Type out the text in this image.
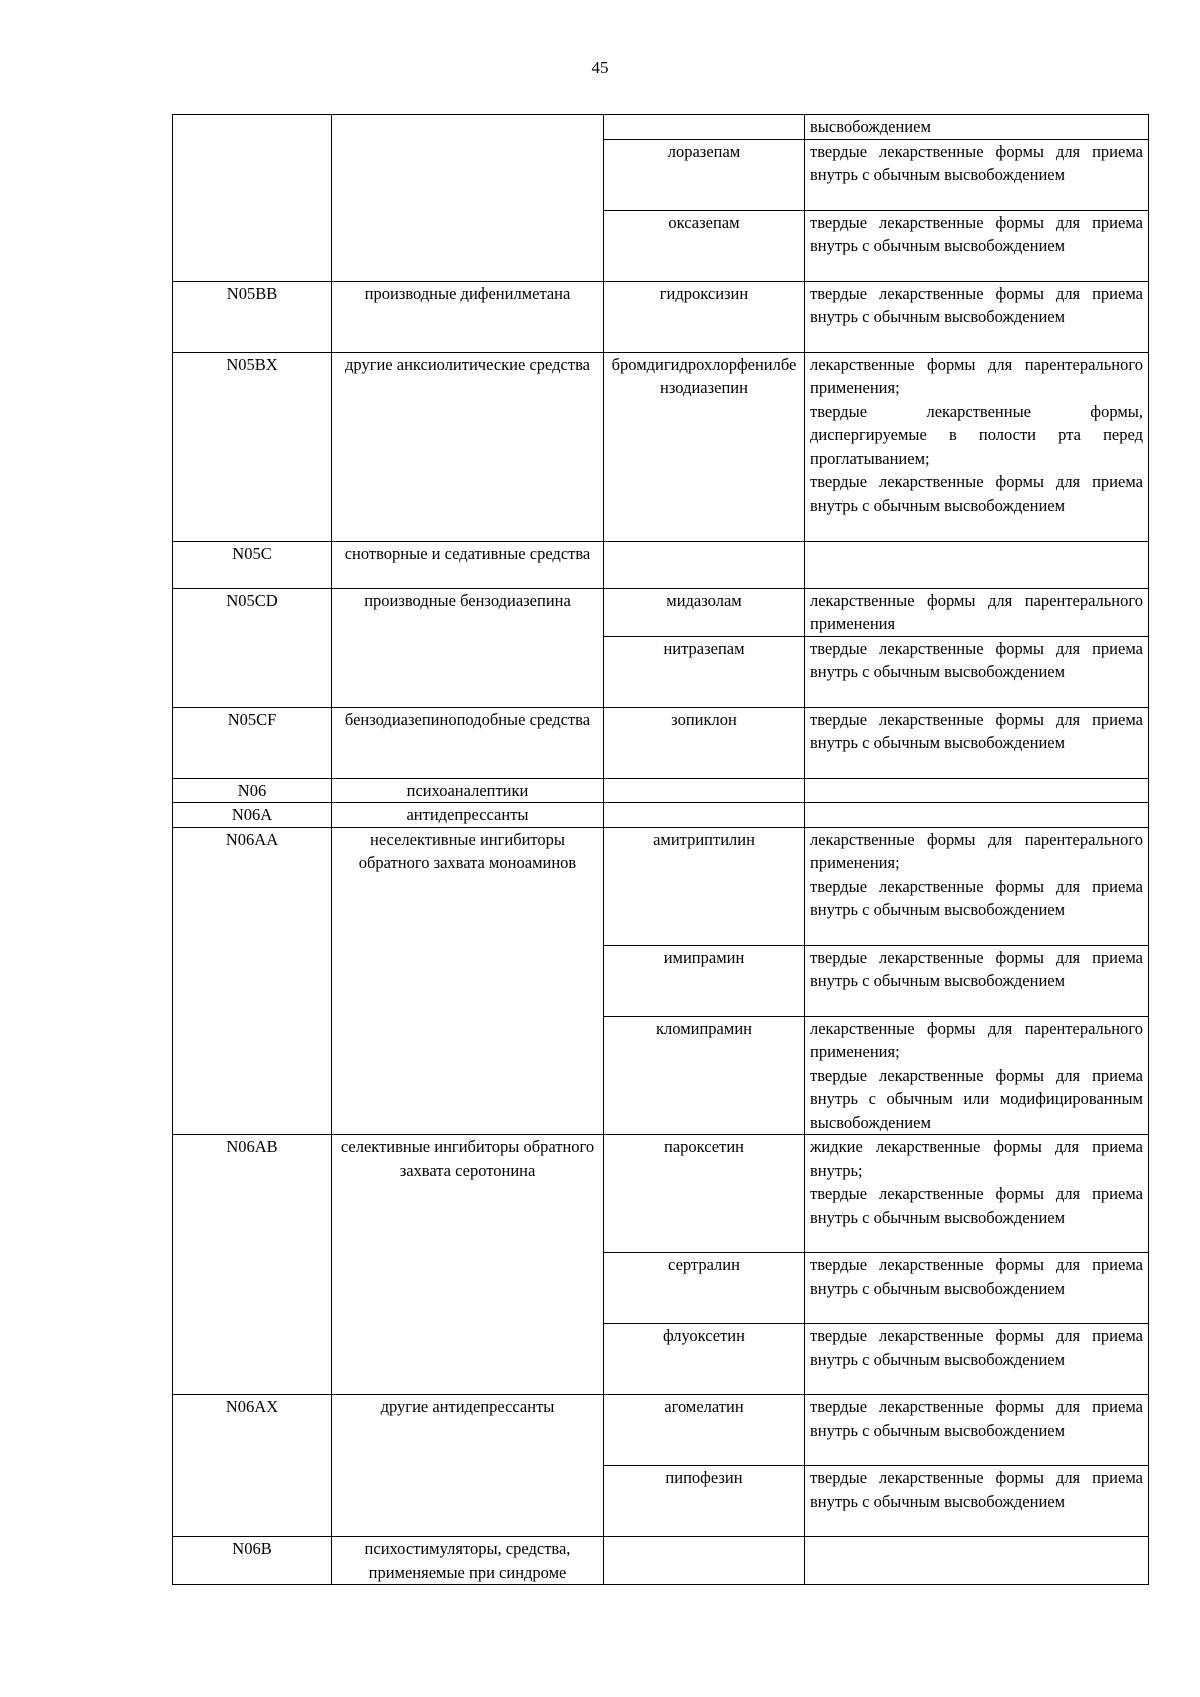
45
			высвобождением
		лоразепам	твердые лекарственные формы для приема внутрь с обычным высвобождением
		оксазепам	твердые лекарственные формы для приема внутрь с обычным высвобождением
N05BB	производные дифенилметана	гидроксизин	твердые лекарственные формы для приема внутрь с обычным высвобождением
N05BX	другие анксиолитические средства	бромдигидрохлорфенилбензодиазепин	лекарственные формы для парентерального применения;
твердые лекарственные формы, диспергируемые в полости рта перед проглатыванием;
твердые лекарственные формы для приема внутрь с обычным высвобождением

N05C	снотворные и седативные средства		
N05CD	производные бензодиазепина	мидазолам	лекарственные формы для парентерального применения
		нитразепам	твердые лекарственные формы для приема внутрь с обычным высвобождением
N05CF	бензодиазепиноподобные средства	зопиклон	твердые лекарственные формы для приема внутрь с обычным высвобождением
N06	психоаналептики		
N06A	антидепрессанты		
N06AA	неселективные ингибиторы обратного захвата моноаминов	амитриптилин	лекарственные формы для парентерального применения;
твердые лекарственные формы для приема внутрь с обычным высвобождением

		имипрамин	твердые лекарственные формы для приема внутрь с обычным высвобождением
		кломипрамин	лекарственные формы для парентерального применения;
твердые лекарственные формы для приема внутрь с обычным или модифицированным высвобождением

N06AB	селективные ингибиторы обратного захвата серотонина	пароксетин	жидкие лекарственные формы для приема внутрь;
твердые лекарственные формы для приема внутрь с обычным высвобождением

		сертралин	твердые лекарственные формы для приема внутрь с обычным высвобождением
		флуоксетин	твердые лекарственные формы для приема внутрь с обычным высвобождением
N06AX	другие антидепрессанты	агомелатин	твердые лекарственные формы для приема внутрь с обычным высвобождением
		пипофезин	твердые лекарственные формы для приема внутрь с обычным высвобождением
N06B	психостимуляторы, средства, применяемые при синдроме		
